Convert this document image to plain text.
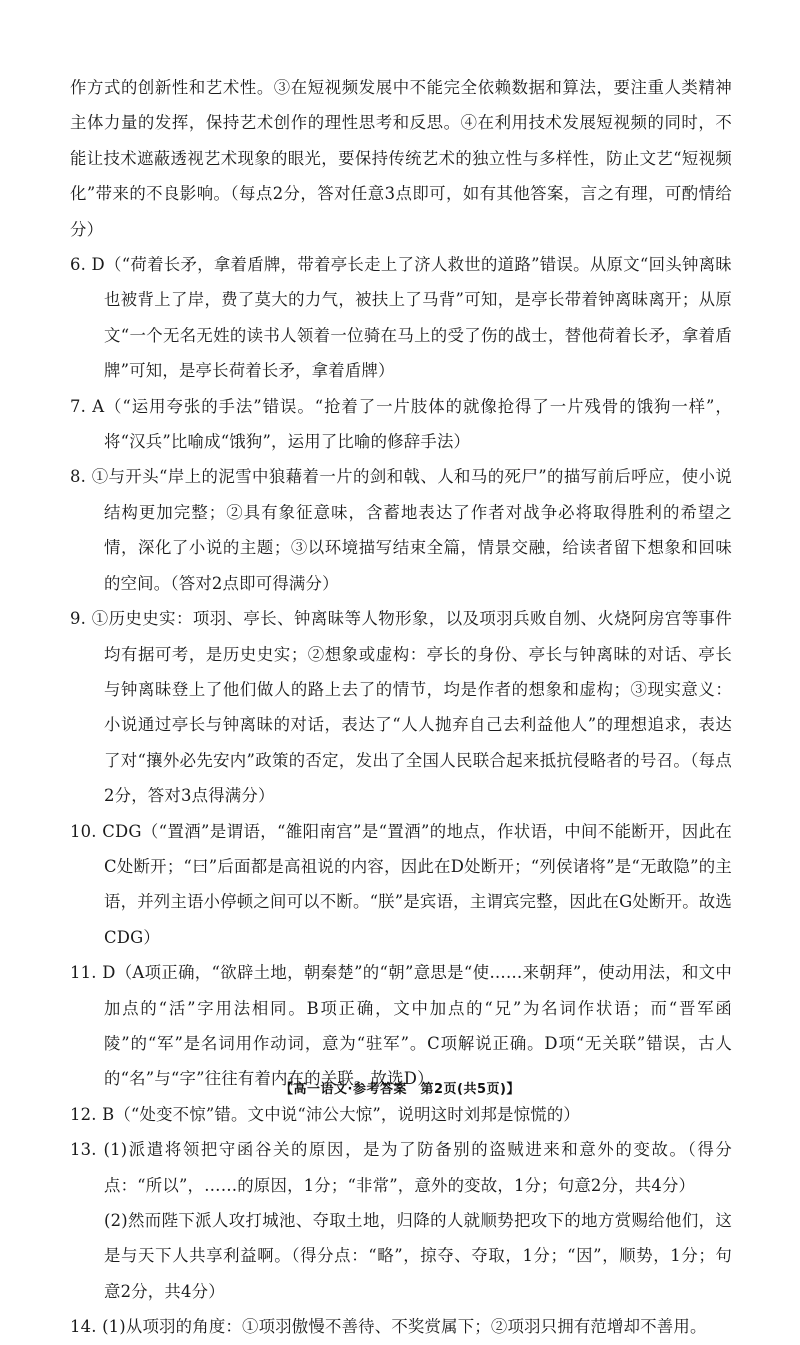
作方式的创新性和艺术性。③在短视频发展中不能完全依赖数据和算法，要注重人类精神主体力量的发挥，保持艺术创作的理性思考和反思。④在利用技术发展短视频的同时，不能让技术遮蔽透视艺术现象的眼光，要保持传统艺术的独立性与多样性，防止文艺“短视频化”带来的不良影响。（每点2分，答对任意3点即可，如有其他答案，言之有理，可酌情给分）
6. D（“荷着长矛，拿着盾牌，带着亭长走上了济人救世的道路”错误。从原文“回头钟离昧也被背上了岸，费了莫大的力气，被扶上了马背”可知，是亭长带着钟离昧离开；从原文“一个无名无姓的读书人领着一位骑在马上的受了伤的战士，替他荷着长矛，拿着盾牌”可知，是亭长荷着长矛，拿着盾牌）
7. A（“运用夸张的手法”错误。“抢着了一片肢体的就像抢得了一片残骨的饿狗一样”，将“汉兵”比喻成“饿狗”，运用了比喻的修辞手法）
8. ①与开头“岸上的泥雪中狼藉着一片的剑和戟、人和马的死尸”的描写前后呼应，使小说结构更加完整；②具有象征意味，含蓄地表达了作者对战争必将取得胜利的希望之情，深化了小说的主题；③以环境描写结束全篇，情景交融，给读者留下想象和回味的空间。（答对2点即可得满分）
9. ①历史史实：项羽、亭长、钟离昧等人物形象，以及项羽兵败自刎、火烧阿房宫等事件均有据可考，是历史史实；②想象或虚构：亭长的身份、亭长与钟离昧的对话、亭长与钟离昧登上了他们做人的路上去了的情节，均是作者的想象和虚构；③现实意义：小说通过亭长与钟离昧的对话，表达了“人人抛弃自己去利益他人”的理想追求，表达了对“攘外必先安内”政策的否定，发出了全国人民联合起来抵抗侵略者的号召。（每点2分，答对3点得满分）
10. CDG（“置酒”是谓语，“雒阳南宫”是“置酒”的地点，作状语，中间不能断开，因此在C处断开；“曰”后面都是高祖说的内容，因此在D处断开；“列侯诸将”是“无敢隐”的主语，并列主语小停顿之间可以不断。“朕”是宾语，主谓宾完整，因此在G处断开。故选CDG）
11. D（A项正确，“欲辟土地，朝秦楚”的“朝”意思是“使……来朝拜”，使动用法，和文中加点的“活”字用法相同。B项正确，文中加点的“兄”为名词作状语；而“晋军函陵”的“军”是名词用作动词，意为“驻军”。C项解说正确。D项“无关联”错误，古人的“名”与“字”往往有着内在的关联。故选D）
12. B（“处变不惊”错。文中说“沛公大惊”，说明这时刘邦是惊慌的）
13. (1)派遣将领把守函谷关的原因，是为了防备别的盗贼进来和意外的变故。（得分点：“所以”，……的原因，1分；“非常”，意外的变故，1分；句意2分，共4分）
(2)然而陛下派人攻打城池、夺取土地，归降的人就顺势把攻下的地方赏赐给他们，这是与天下人共享利益啊。（得分点：“略”，掠夺、夺取，1分；“因”，顺势，1分；句意2分，共4分）
14. (1)从项羽的角度：①项羽傲慢不善待、不奖赏属下；②项羽只拥有范增却不善用。
【高一语文·参考答案　第2页(共5页)】
